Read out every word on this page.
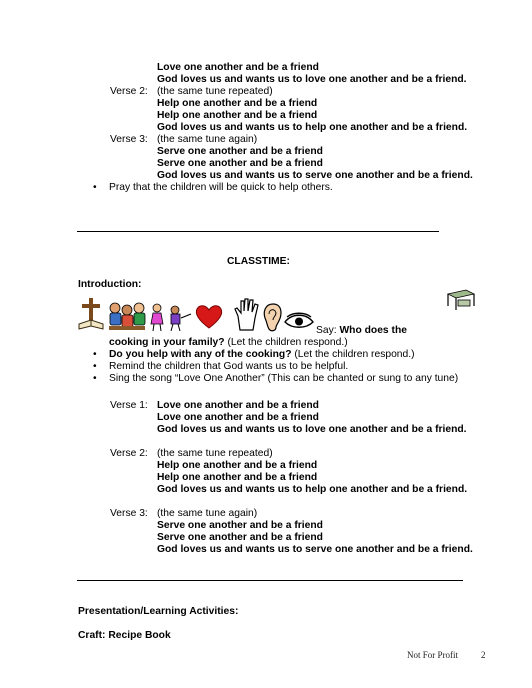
Love one another and be a friend
God loves us and wants us to love one another and be a friend.
Verse 2: (the same tune repeated)
Help one another and be a friend
Help one another and be a friend
God loves us and wants us to help one another and be a friend.
Verse 3: (the same tune again)
Serve one another and be a friend
Serve one another and be a friend
God loves us and wants us to serve one another and be a friend.
• Pray that the children will be quick to help others.
CLASSTIME:
Introduction:
Say: Who does the
cooking in your family? (Let the children respond.)
• Do you help with any of the cooking? (Let the children respond.)
• Remind the children that God wants us to be helpful.
• Sing the song “Love One Another” (This can be chanted or sung to any tune)
Verse 1: Love one another and be a friend
Love one another and be a friend
God loves us and wants us to love one another and be a friend.
Verse 2: (the same tune repeated)
Help one another and be a friend
Help one another and be a friend
God loves us and wants us to help one another and be a friend.
Verse 3: (the same tune again)
Serve one another and be a friend
Serve one another and be a friend
God loves us and wants us to serve one another and be a friend.
Presentation/Learning Activities:
Craft: Recipe Book
Not For Profit	2
